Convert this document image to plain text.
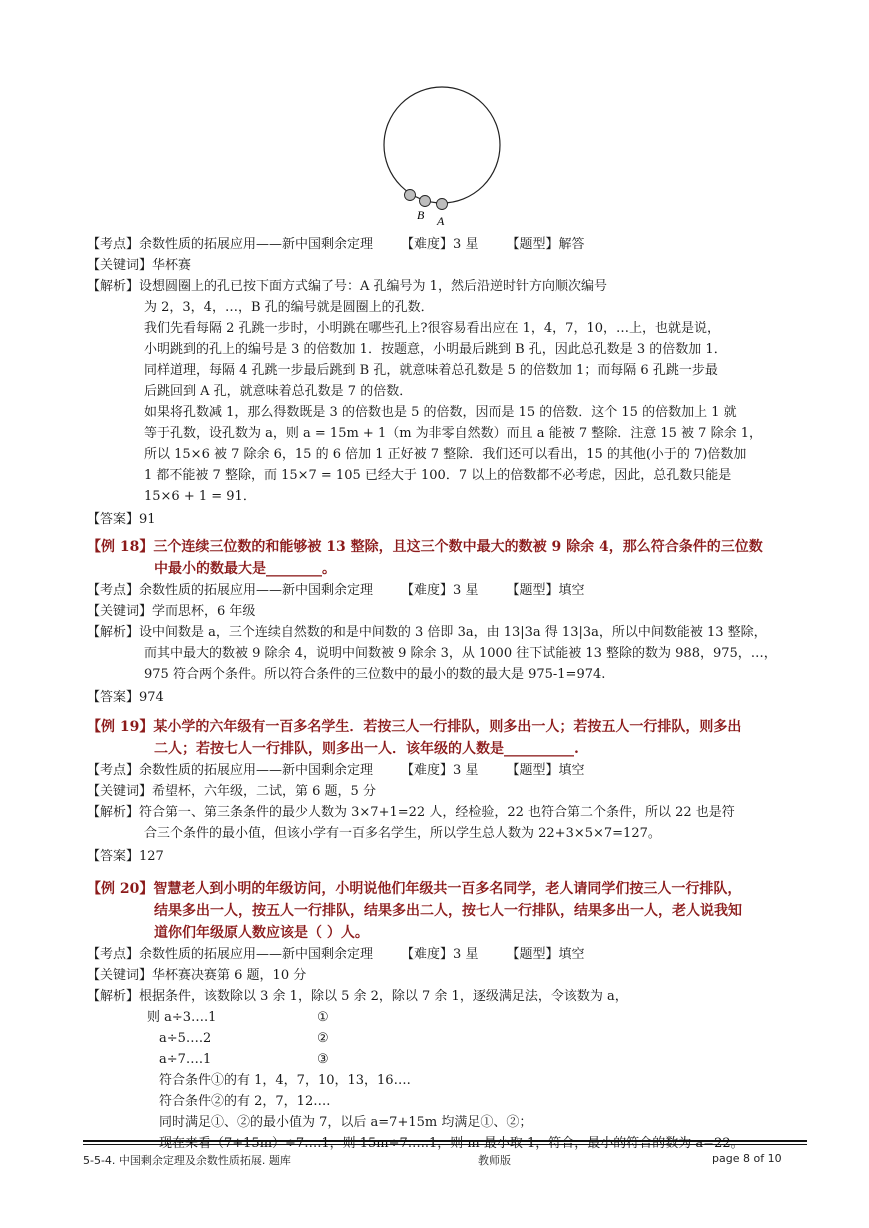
B A
【考点】余数性质的拓展应用——新中国剩余定理 【难度】3 星 【题型】解答
【关键词】华杯赛
【解析】设想圆圈上的孔已按下面方式编了号：A 孔编号为 1，然后沿逆时针方向顺次编号
为 2，3，4，…，B 孔的编号就是圆圈上的孔数．
我们先看每隔 2 孔跳一步时，小明跳在哪些孔上?很容易看出应在 1，4，7，10，…上，也就是说，
小明跳到的孔上的编号是 3 的倍数加 1．按题意，小明最后跳到 B 孔，因此总孔数是 3 的倍数加 1．
同样道理，每隔 4 孔跳一步最后跳到 B 孔，就意味着总孔数是 5 的倍数加 1；而每隔 6 孔跳一步最
后跳回到 A 孔，就意味着总孔数是 7 的倍数．
如果将孔数减 1，那么得数既是 3 的倍数也是 5 的倍数，因而是 15 的倍数．这个 15 的倍数加上 1 就
等于孔数，设孔数为 a，则 a = 15m + 1（m 为非零自然数）而且 a 能被 7 整除．注意 15 被 7 除余 1，
所以 15×6 被 7 除余 6，15 的 6 倍加 1 正好被 7 整除．我们还可以看出，15 的其他(小于的 7)倍数加
1 都不能被 7 整除，而 15×7 = 105 已经大于 100．7 以上的倍数都不必考虑，因此，总孔数只能是
15×6 + 1 = 91．
【答案】91
【例 18】三个连续三位数的和能够被 13 整除，且这三个数中最大的数被 9 除余 4，那么符合条件的三位数
中最小的数最大是________。
【考点】余数性质的拓展应用——新中国剩余定理 【难度】3 星 【题型】填空
【关键词】学而思杯，6 年级
【解析】设中间数是 a，三个连续自然数的和是中间数的 3 倍即 3a，由 13|3a 得 13|3a，所以中间数能被 13 整除，
而其中最大的数被 9 除余 4，说明中间数被 9 除余 3，从 1000 往下试能被 13 整除的数为 988，975，…，
975 符合两个条件。所以符合条件的三位数中的最小的数的最大是 975-1=974.
【答案】974
【例 19】某小学的六年级有一百多名学生．若按三人一行排队，则多出一人；若按五人一行排队，则多出
二人；若按七人一行排队，则多出一人．该年级的人数是__________.
【考点】余数性质的拓展应用——新中国剩余定理 【难度】3 星 【题型】填空
【关键词】希望杯，六年级，二试，第 6 题，5 分
【解析】符合第一、第三条条件的最少人数为 3×7+1=22 人，经检验，22 也符合第二个条件，所以 22 也是符
合三个条件的最小值，但该小学有一百多名学生，所以学生总人数为 22+3×5×7=127。
【答案】127
【例 20】智慧老人到小明的年级访问，小明说他们年级共一百多名同学，老人请同学们按三人一行排队，
结果多出一人，按五人一行排队，结果多出二人，按七人一行排队，结果多出一人，老人说我知
道你们年级原人数应该是（ ）人。
【考点】余数性质的拓展应用——新中国剩余定理 【难度】3 星 【题型】填空
【关键词】华杯赛决赛第 6 题，10 分
【解析】根据条件，该数除以 3 余 1，除以 5 余 2，除以 7 余 1，逐级满足法，令该数为 a，
则 a÷3….1	①
a÷5….2	②
a÷7….1	③
符合条件①的有 1，4，7，10，13，16….
符合条件②的有 2，7，12….
同时满足①、②的最小值为 7，以后 a=7+15m 均满足①、②；
现在来看（7+15m）÷7….1，则 15m÷7…..1，则 m 最小取 1，符合，最小的符合的数为 a=22。
5-5-4. 中国剩余定理及余数性质拓展. 题库	教师版	page 8 of 10
